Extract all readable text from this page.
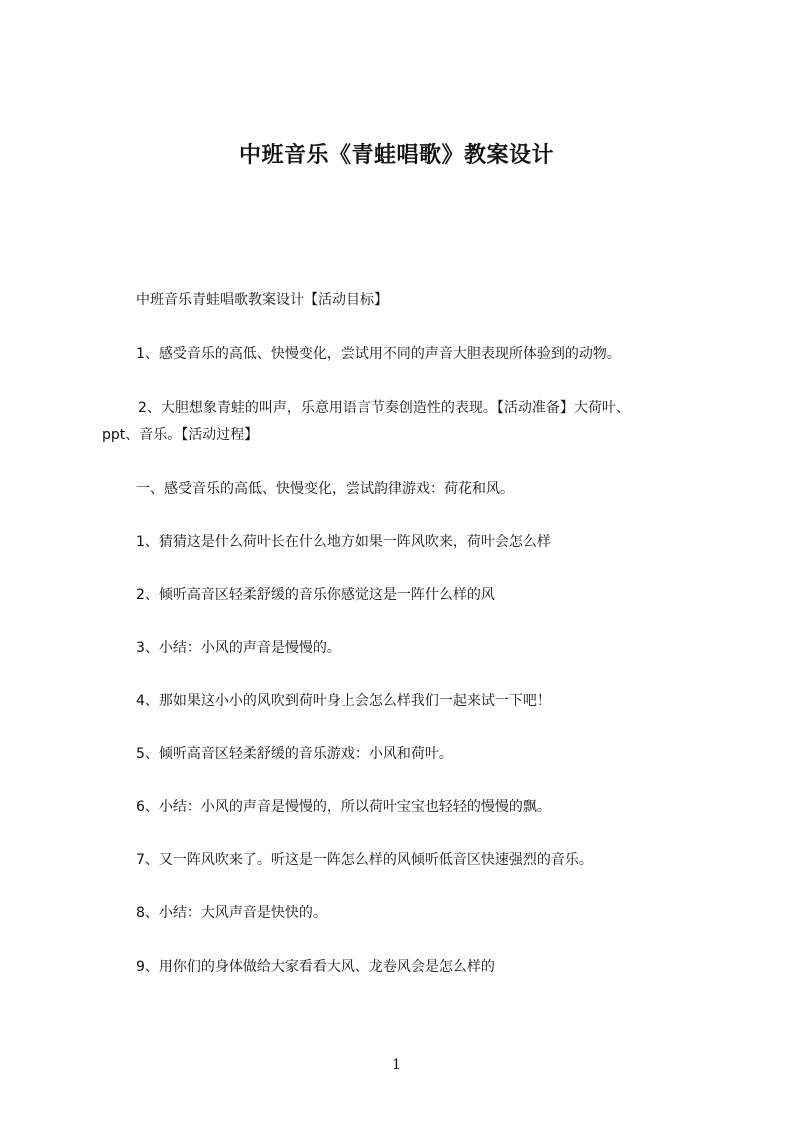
中班音乐《青蛙唱歌》教案设计
中班音乐青蛙唱歌教案设计【活动目标】
1、感受音乐的高低、快慢变化，尝试用不同的声音大胆表现所体验到的动物。
2、大胆想象青蛙的叫声，乐意用语言节奏创造性的表现。【活动准备】大荷叶、
ppt、音乐。【活动过程】
一、感受音乐的高低、快慢变化，尝试韵律游戏：荷花和风。
1、猜猜这是什么荷叶长在什么地方如果一阵风吹来，荷叶会怎么样
2、倾听高音区轻柔舒缓的音乐你感觉这是一阵什么样的风
3、小结：小风的声音是慢慢的。
4、那如果这小小的风吹到荷叶身上会怎么样我们一起来试一下吧！
5、倾听高音区轻柔舒缓的音乐游戏：小风和荷叶。
6、小结：小风的声音是慢慢的，所以荷叶宝宝也轻轻的慢慢的飘。
7、又一阵风吹来了。听这是一阵怎么样的风倾听低音区快速强烈的音乐。
8、小结：大风声音是快快的。
9、用你们的身体做给大家看看大风、龙卷风会是怎么样的
1
